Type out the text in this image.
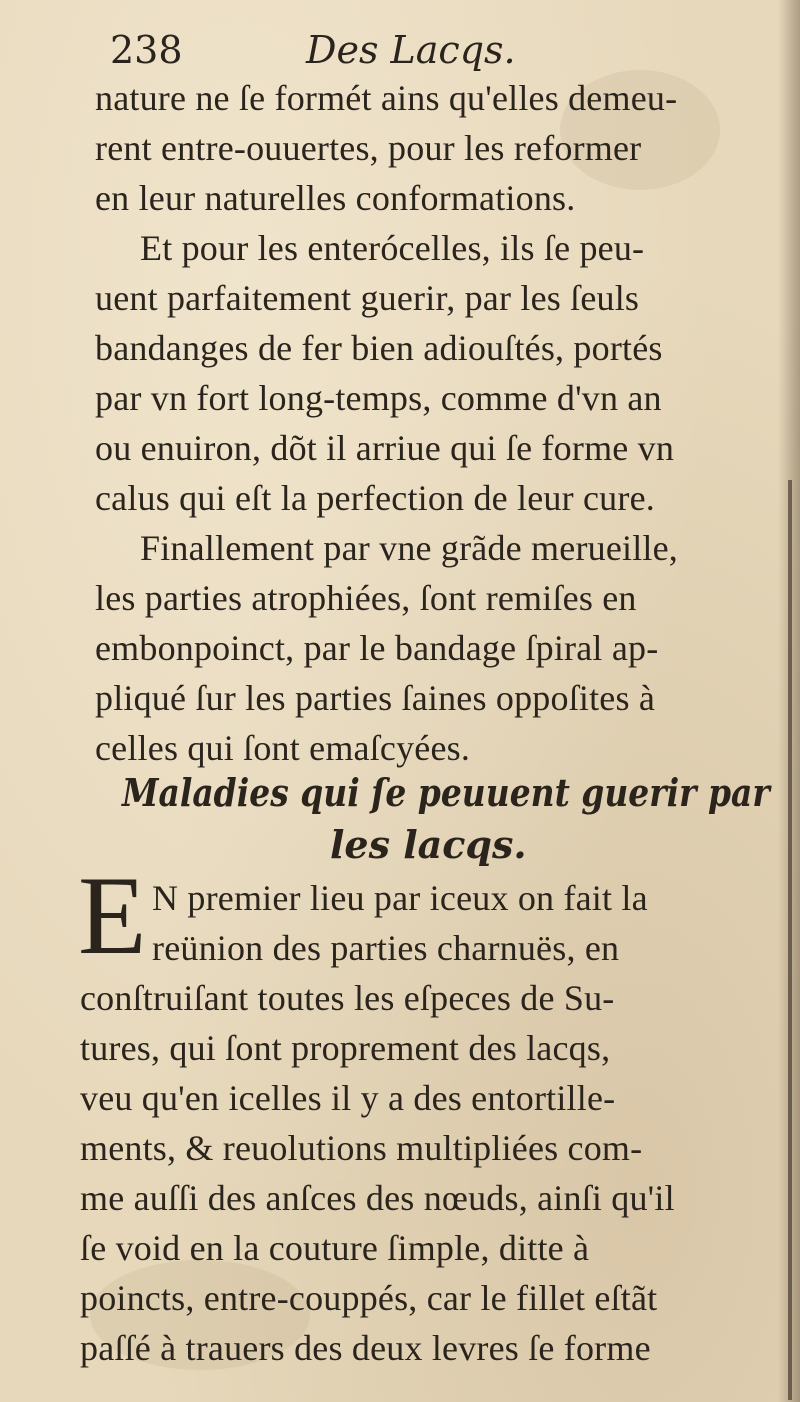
238	Des Lacqs.
nature ne ſe formét ains qu'elles demeu-
rent entre-ouuertes, pour les reformer
en leur naturelles conformations.
Et pour les enterócelles, ils ſe peu-
uent parfaitement guerir, par les ſeuls
bandanges de fer bien adiouſtés, portés
par vn fort long-temps, comme d'vn an
ou enuiron, dõt il arriue qui ſe forme vn
calus qui eſt la perfection de leur cure.
Finallement par vne grãde merueille,
les parties atrophiées, ſont remiſes en
embonpoinct, par le bandage ſpiral ap-
pliqué ſur les parties ſaines oppoſites à
celles qui ſont emaſcyées.
Maladies qui ſe peuuent guerir par
les lacqs.
E N premier lieu par iceux on fait la
reünion des parties charnuës, en
conſtruiſant toutes les eſpeces de Su-
tures, qui ſont proprement des lacqs,
veu qu'en icelles il y a des entortille-
ments, & reuolutions multipliées com-
me auſſi des anſces des nœuds, ainſi qu'il
ſe void en la couture ſimple, ditte à
poincts, entre-couppés, car le fillet eſtãt
paſſé à trauers des deux levres ſe forme
